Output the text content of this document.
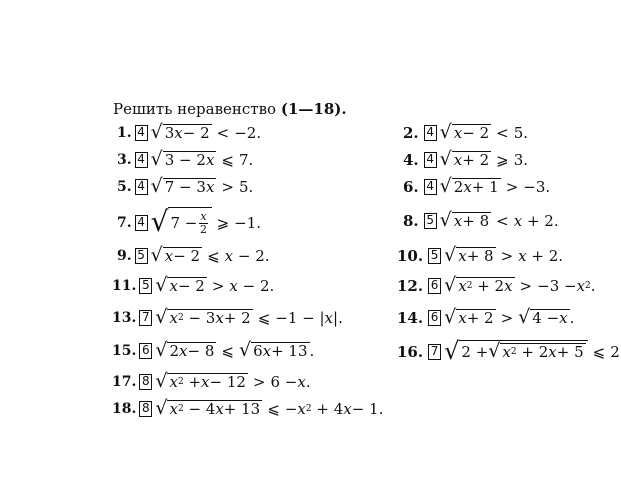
Решить неравенство (1—18).
1. 4 √ 3 x − 2 < −2.	2. 4 √ x − 2 < 5.
3. 4 √ 3 − 2 x ⩽ 7.	4. 4 √ x + 2 ⩾ 3.
5. 4 √ 7 − 3 x > 5.	6. 4 √ 2 x + 1 > −3.
7. 4 √ $7 - \frac{x}{2}$ ⩾ −1.	8. 5 √ x + 8 < x + 2.
9. 5 √ x − 2 ⩽ x − 2.	10. 5 √ x + 8 > x + 2.
11. 5 √ x − 2 > x − 2.	12. 6 √ x 2 + 2 x > −3 − x 2 .
13. 7 √ x 2 − 3 x + 2 ⩽ −1 − | x |.	14. 6 √ x + 2 > √ 4 − x .
15. 6 √ 2 x − 8 ⩽ √ 6 x + 13 .	16. 7 √ 2 + √ x 2 + 2 x + 5 ⩽ 2
17. 8 √ x 2 + x − 12 > 6 − x .
18. 8 √ x 2 − 4 x + 13 ⩽ − x 2 + 4 x − 1.
